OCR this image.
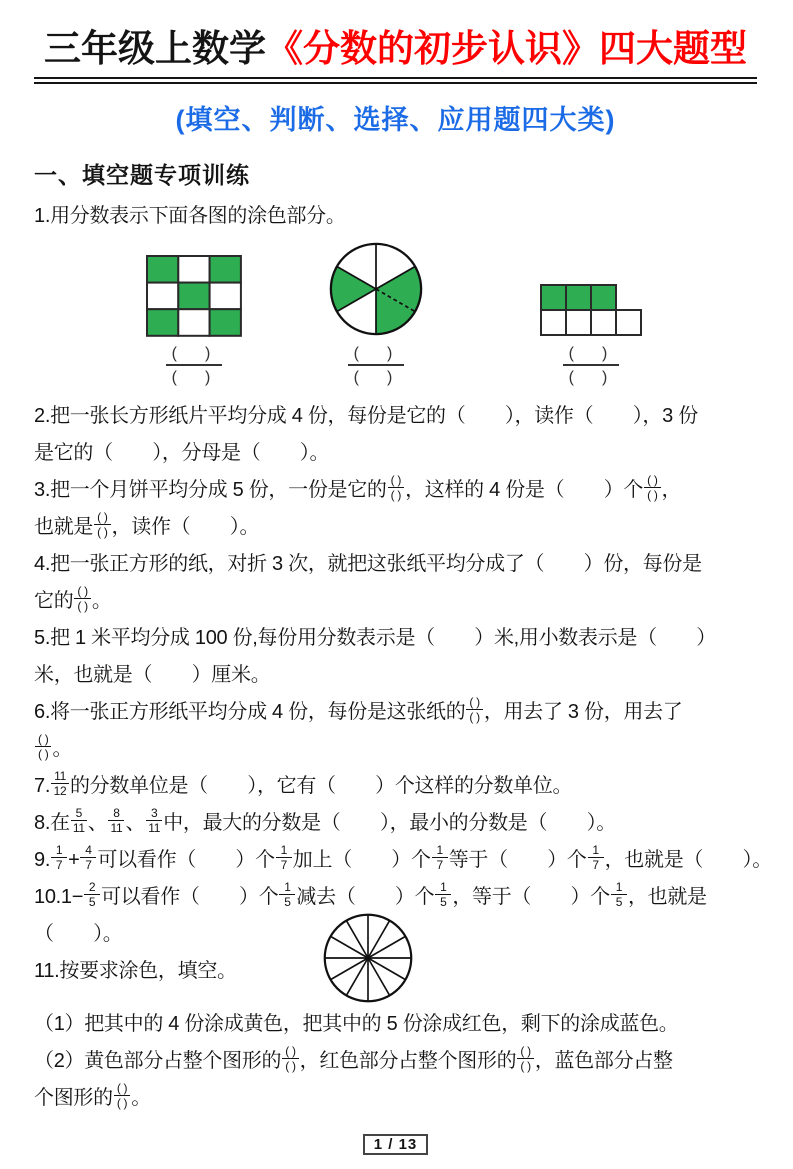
三年级上数学《分数的初步认识》四大题型
(填空、判断、选择、应用题四大类)
一、填空题专项训练
1.用分数表示下面各图的涂色部分。
$\frac{( )}{( )}$	$\frac{( )}{( )}$	$\frac{( )}{( )}$
2.把一张长方形纸片平均分成 4 份，每份是它的（　　），读作（　　），3 份
是它的（　　），分母是（　　）。
3.把一个月饼平均分成 5 份，一份是它的 $\frac{( )}{( )}$ ，这样的 4 份是（　　）个 $\frac{( )}{( )}$ ，
也就是 $\frac{( )}{( )}$ ，读作（　　）。
4.把一张正方形的纸，对折 3 次，就把这张纸平均分成了（　　）份，每份是
它的 $\frac{( )}{( )}$ 。
5.把 1 米平均分成 100 份,每份用分数表示是（　　）米,用小数表示是（　　）
米，也就是（　　）厘米。
6.将一张正方形纸平均分成 4 份，每份是这张纸的 $\frac{( )}{( )}$ ，用去了 3 份，用去了
$\frac{( )}{( )}$ 。
7. $\frac{11}{12}$ 的分数单位是（　　），它有（　　）个这样的分数单位。
8.在 $\frac{5}{11}$ 、 $\frac{8}{11}$ 、 $\frac{3}{11}$ 中，最大的分数是（　　），最小的分数是（　　）。
9. $\frac{1}{7} + \frac{4}{7}$ 可以看作（　　）个 $\frac{1}{7}$ 加上（　　）个 $\frac{1}{7}$ 等于（　　）个 $\frac{1}{7}$ ，也就是（　　）。
$10.1- \frac{2}{5}$ 可以看作（　　）个 $\frac{1}{5}$ 减去（　　）个 $\frac{1}{5}$ ，等于（　　）个 $\frac{1}{5}$ ，也就是
（　　）。
11.按要求涂色，填空。
（1）把其中的 4 份涂成黄色，把其中的 5 份涂成红色，剩下的涂成蓝色。
（2）黄色部分占整个图形的 $\frac{( )}{( )}$ ，红色部分占整个图形的 $\frac{( )}{( )}$ ，蓝色部分占整
个图形的 $\frac{( )}{( )}$ 。
1 / 13
